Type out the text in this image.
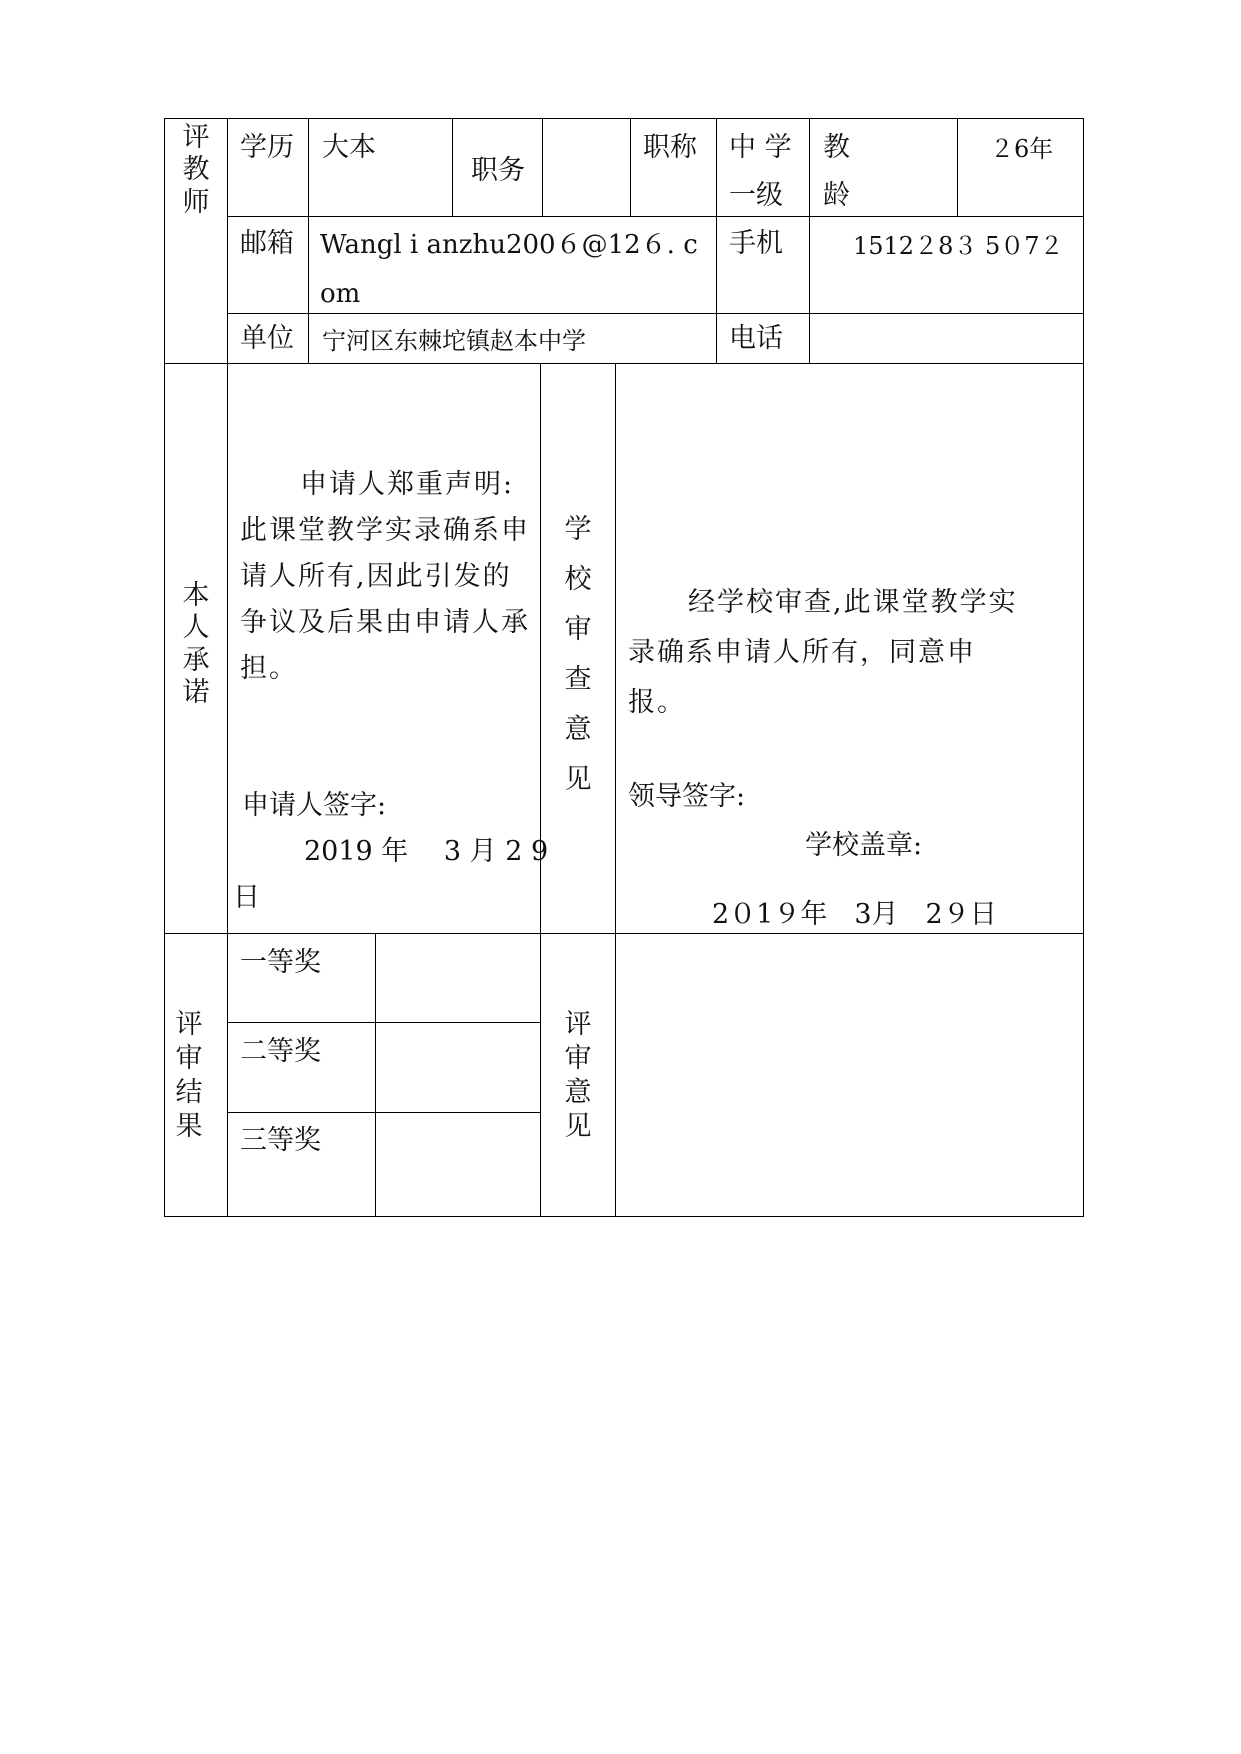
评教师
学历 大本
职务
职称 中 学
一级
教
龄
２6年
邮箱 Wangl i anzhu200６@12６. c
om
手机	1512２8３ 5０7２
单位 宁河区东棘坨镇赵本中学	电话
本人承诺
申请人郑重声明:此课堂教学实录确系申请人所有,因此引发的争议及后果由申请人承担。
申请人签字:
2019 年　 3 月 2 9
日
学校审查意见
经学校审查,此课堂教学实录确系申请人所有，同意申报。
领导签字:
学校盖章:
2０1９年　3月　2９日
评审结果
一等奖
二等奖
三等奖
评审意见
